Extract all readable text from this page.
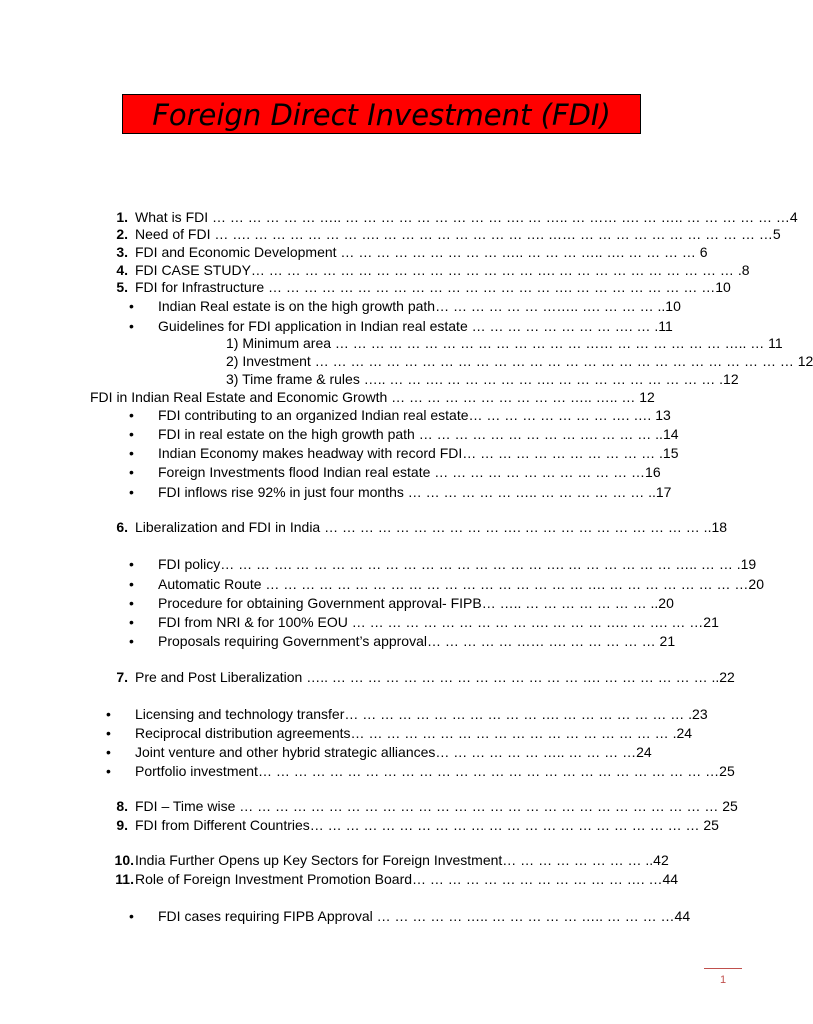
Foreign Direct Investment (FDI)
1. What is FDI … … … … … … ….. … … … … … … … … … …. … ….. … …… …. … ….. … … … … … …4
2. Need of FDI … …. … … … … … … …. … … … … … … … … …. …… … … … … … … … … … … …5
3. FDI and Economic Development … … … … … … … … … ….. … … … ….. …. … … … … 6
4. FDI CASE STUDY… … … … … … … … … … … … … … … … …. … … … … … … … … … … .8
5. FDI for Infrastructure … … … … … … … … … … … … … … … … …. … … … … … … … …10
• Indian Real estate is on the high growth path… … … … … … …….. …. … … … ..10
• Guidelines for FDI application in Indian real estate … … … … … … … … …. … .11
1) Minimum area … … … … … … … … … … … … … … …… … … … … … … ….. … 11
2) Investment … … … … … … … … … … … … … … … … … … … … … … … … … … … 12
3) Time frame & rules ….. … … …. … … … … … …. … … … … … … … … … .12
FDI in Indian Real Estate and Economic Growth … … … … … … … … … … ….. ….. … 12
• FDI contributing to an organized Indian real estate… … … … … … … … …. …. 13
• FDI in real estate on the high growth path … … … … … … … … … …. … … … ..14
• Indian Economy makes headway with record FDI… … … … … … … … … … … .15
• Foreign Investments flood Indian real estate … … … … … … … … … … … …16
• FDI inflows rise 92% in just four months … … … … … … ….. … … … … … … ..17
6. Liberalization and FDI in India … … … … … … … … … … …. … … … … … … … … … … ..18
• FDI policy… … … …. … … … … … … … … … … … … … … …. … … … … … … ….. … … .19
• Automatic Route … … … … … … … … … … … … … … … … … … …. … … … … … … … …20
• Procedure for obtaining Government approval- FIPB… ….. … … … … … … … ..20
• FDI from NRI & for 100% EOU … … … … … … … … … … …. … … … ….. … …. … …21
• Proposals requiring Government’s approval… … … … … …… …. … … … … … 21
7. Pre and Post Liberalization ….. … … … … … … … … … … … … … … …. … … … … … … ..22
• Licensing and technology transfer… … … … … … … … … … … …. … … … … … … … .23
• Reciprocal distribution agreements… … … … … … … … … … … … … … … … … … .24
• Joint venture and other hybrid strategic alliances… … … … … … ….. … … … …24
• Portfolio investment… … … … … … … … … … … … … … … … … … … … … … … … … …25
8. FDI – Time wise … … … … … … … … … … … … … … … … … … … … … … … … … … … 25
9. FDI from Different Countries… … … … … … … … … … … … … … … … … … … … … … 25
10. India Further Opens up Key Sectors for Foreign Investment… … … … … … … … ..42
11. Role of Foreign Investment Promotion Board… … … … … … … … … … … … …. …44
• FDI cases requiring FIPB Approval … … … … … ….. … … … … … ….. … … … …44
1
